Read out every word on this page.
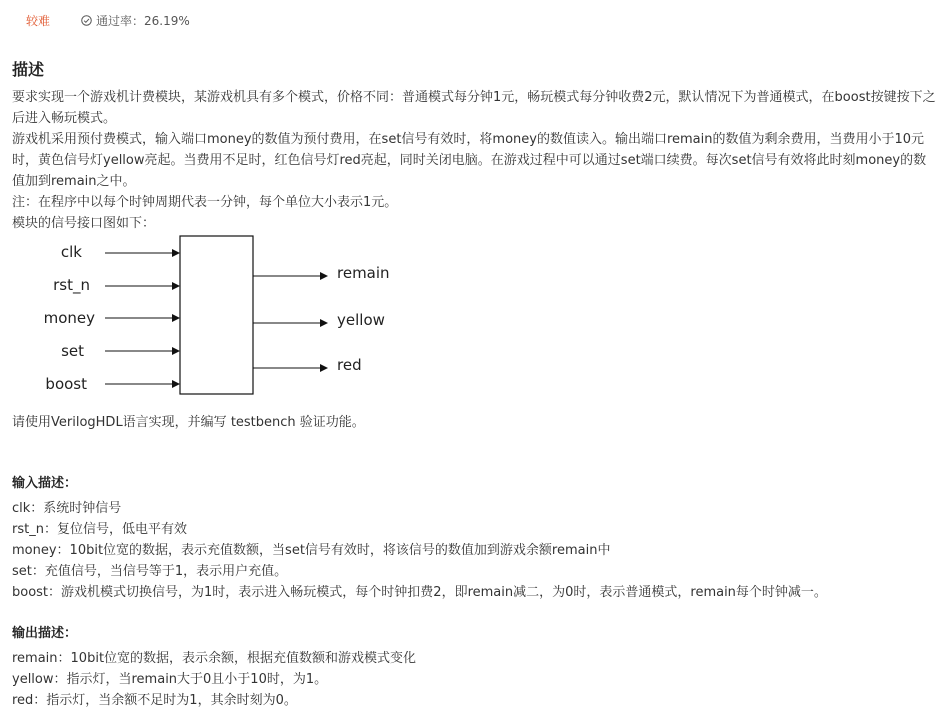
较难	通过率：26.19%
描述

要求实现一个游戏机计费模块，某游戏机具有多个模式，价格不同：普通模式每分钟1元，畅玩模式每分钟收费2元，默认情况下为普通模式，在boost按键按下之后进入畅玩模式。

游戏机采用预付费模式，输入端口money的数值为预付费用，在set信号有效时，将money的数值读入。输出端口remain的数值为剩余费用，当费用小于10元时，黄色信号灯yellow亮起。当费用不足时，红色信号灯red亮起，同时关闭电脑。在游戏过程中可以通过set端口续费。每次set信号有效将此时刻money的数值加到remain之中。

注：在程序中以每个时钟周期代表一分钟，每个单位大小表示1元。

模块的信号接口图如下：

clk
rst_n
money
set
boost
remain
yellow
red

请使用VerilogHDL语言实现，并编写 testbench 验证功能。

输入描述：
clk：系统时钟信号
rst_n：复位信号，低电平有效
money：10bit位宽的数据，表示充值数额，当set信号有效时，将该信号的数值加到游戏余额remain中
set：充值信号，当信号等于1，表示用户充值。
boost：游戏机模式切换信号，为1时，表示进入畅玩模式，每个时钟扣费2，即remain减二，为0时，表示普通模式，remain每个时钟减一。
输出描述：
remain：10bit位宽的数据，表示余额，根据充值数额和游戏模式变化
yellow：指示灯，当remain大于0且小于10时，为1。
red：指示灯，当余额不足时为1，其余时刻为0。
